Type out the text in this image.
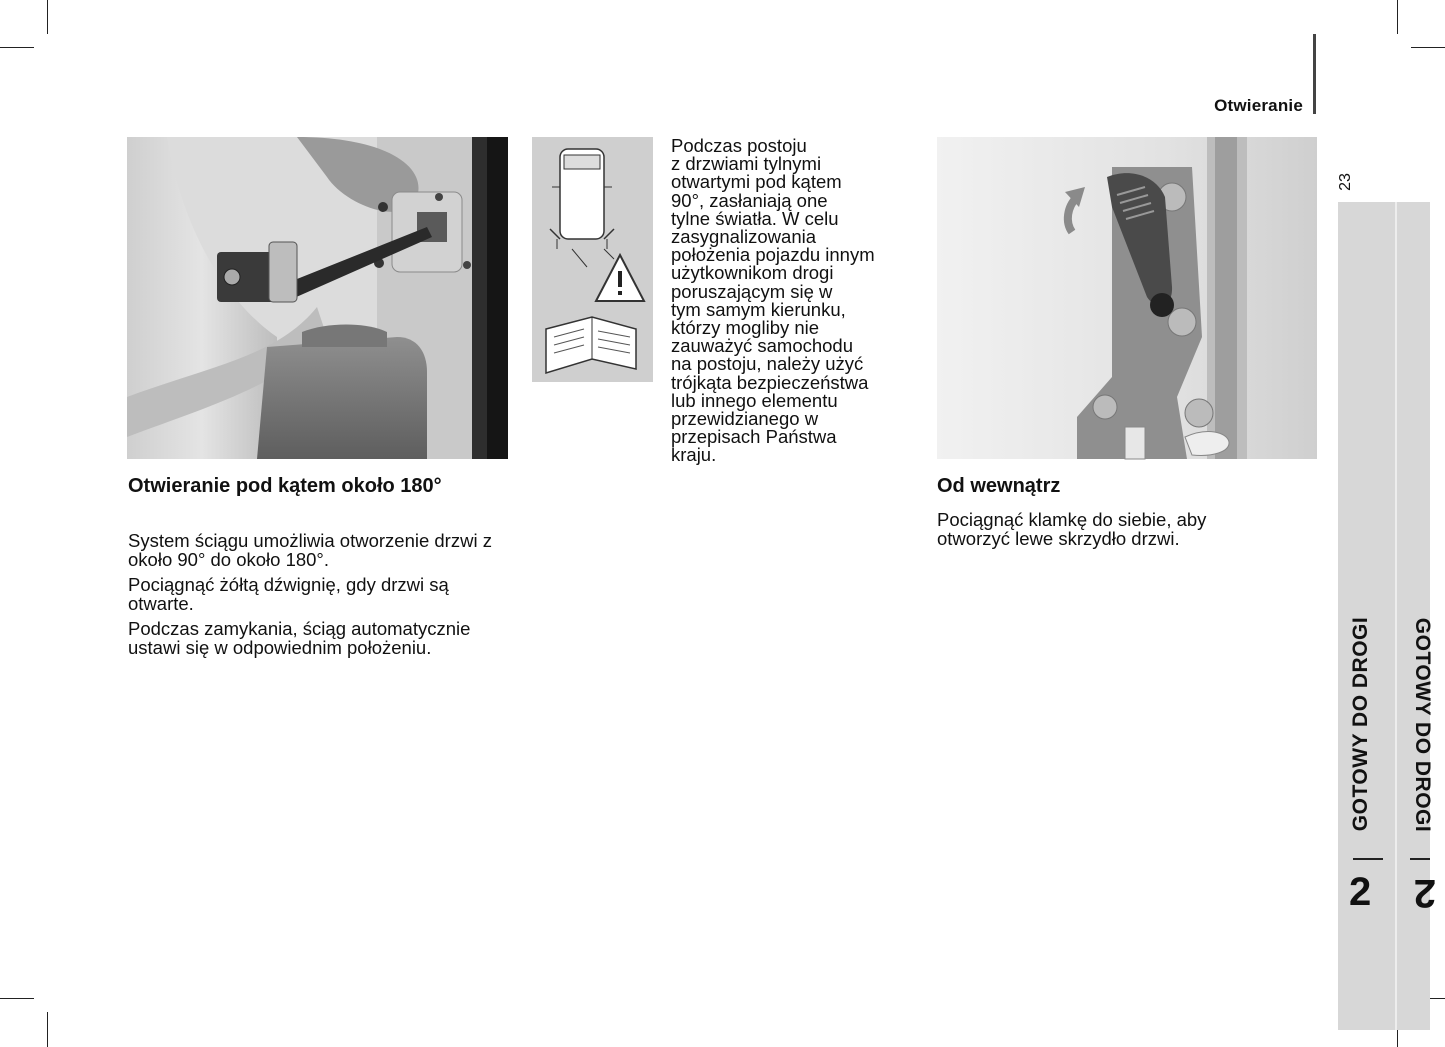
Otwieranie
23
GOTOWY DO DROGI GOTOWY DO DROGI
2 2
Podczas postoju
z drzwiami tylnymi
otwartymi pod kątem
90°, zasłaniają one
tylne światła. W celu
zasygnalizowania
położenia pojazdu innym
użytkownikom drogi
poruszającym się w
tym samym kierunku,
którzy mogliby nie
zauważyć samochodu
na postoju, należy użyć
trójkąta bezpieczeństwa
lub innego elementu
przewidzianego w
przepisach Państwa
kraju.
Otwieranie pod kątem około 180°

System ściągu umożliwia otworzenie drzwi z około 90° do około 180°.

Pociągnąć żółtą dźwignię, gdy drzwi są otwarte.

Podczas zamykania, ściąg automatycznie ustawi się w odpowiednim położeniu.

Od wewnątrz

Pociągnąć klamkę do siebie, aby otworzyć lewe skrzydło drzwi.
